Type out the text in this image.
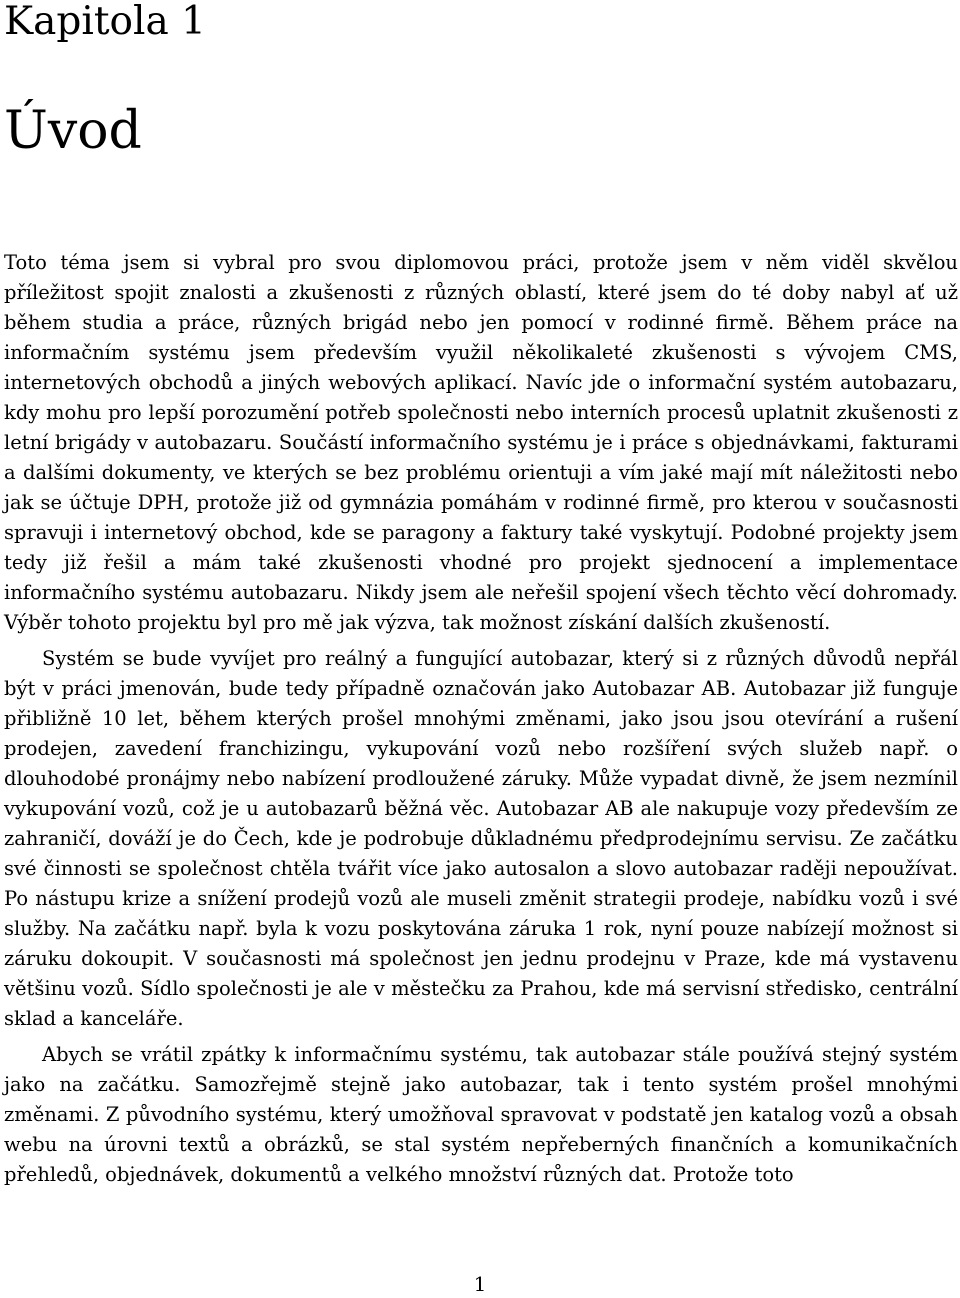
Kapitola 1
Úvod

Toto téma jsem si vybral pro svou diplomovou práci, protože jsem v něm viděl skvělou příležitost spojit znalosti a zkušenosti z různých oblastí, které jsem do té doby nabyl ať už během studia a práce, různých brigád nebo jen pomocí v rodinné firmě. Během práce na informačním systému jsem především využil několikaleté zkušenosti s vývojem CMS, internetových obchodů a jiných webových aplikací. Navíc jde o informační systém autobazaru, kdy mohu pro lepší porozumění potřeb společnosti nebo interních procesů uplatnit zkušenosti z letní brigády v autobazaru. Součástí informačního systému je i práce s objednávkami, fakturami a dalšími dokumenty, ve kterých se bez problému orientuji a vím jaké mají mít náležitosti nebo jak se účtuje DPH, protože již od gymnázia pomáhám v rodinné firmě, pro kterou v současnosti spravuji i internetový obchod, kde se paragony a faktury také vyskytují. Podobné projekty jsem tedy již řešil a mám také zkušenosti vhodné pro projekt sjednocení a implementace informačního systému autobazaru. Nikdy jsem ale neřešil spojení všech těchto věcí dohromady. Výběr tohoto projektu byl pro mě jak výzva, tak možnost získání dalších zkušeností.

Systém se bude vyvíjet pro reálný a fungující autobazar, který si z různých důvodů nepřál být v práci jmenován, bude tedy případně označován jako Autobazar AB. Autobazar již funguje přibližně 10 let, během kterých prošel mnohými změnami, jako jsou jsou otevírání a rušení prodejen, zavedení franchizingu, vykupování vozů nebo rozšíření svých služeb např. o dlouhodobé pronájmy nebo nabízení prodloužené záruky. Může vypadat divně, že jsem nezmínil vykupování vozů, což je u autobazarů běžná věc. Autobazar AB ale nakupuje vozy především ze zahraničí, dováží je do Čech, kde je podrobuje důkladnému předprodejnímu servisu. Ze začátku své činnosti se společnost chtěla tvářit více jako autosalon a slovo autobazar raději nepoužívat. Po nástupu krize a snížení prodejů vozů ale museli změnit strategii prodeje, nabídku vozů i své služby. Na začátku např. byla k vozu poskytována záruka 1 rok, nyní pouze nabízejí možnost si záruku dokoupit. V současnosti má společnost jen jednu prodejnu v Praze, kde má vystavenu většinu vozů. Sídlo společnosti je ale v městečku za Prahou, kde má servisní středisko, centrální sklad a kanceláře.

Abych se vrátil zpátky k informačnímu systému, tak autobazar stále používá stejný systém jako na začátku. Samozřejmě stejně jako autobazar, tak i tento systém prošel mnohými změnami. Z původního systému, který umožňoval spravovat v podstatě jen katalog vozů a obsah webu na úrovni textů a obrázků, se stal systém nepřeberných finančních a komunikačních přehledů, objednávek, dokumentů a velkého množství různých dat. Protože toto

1
